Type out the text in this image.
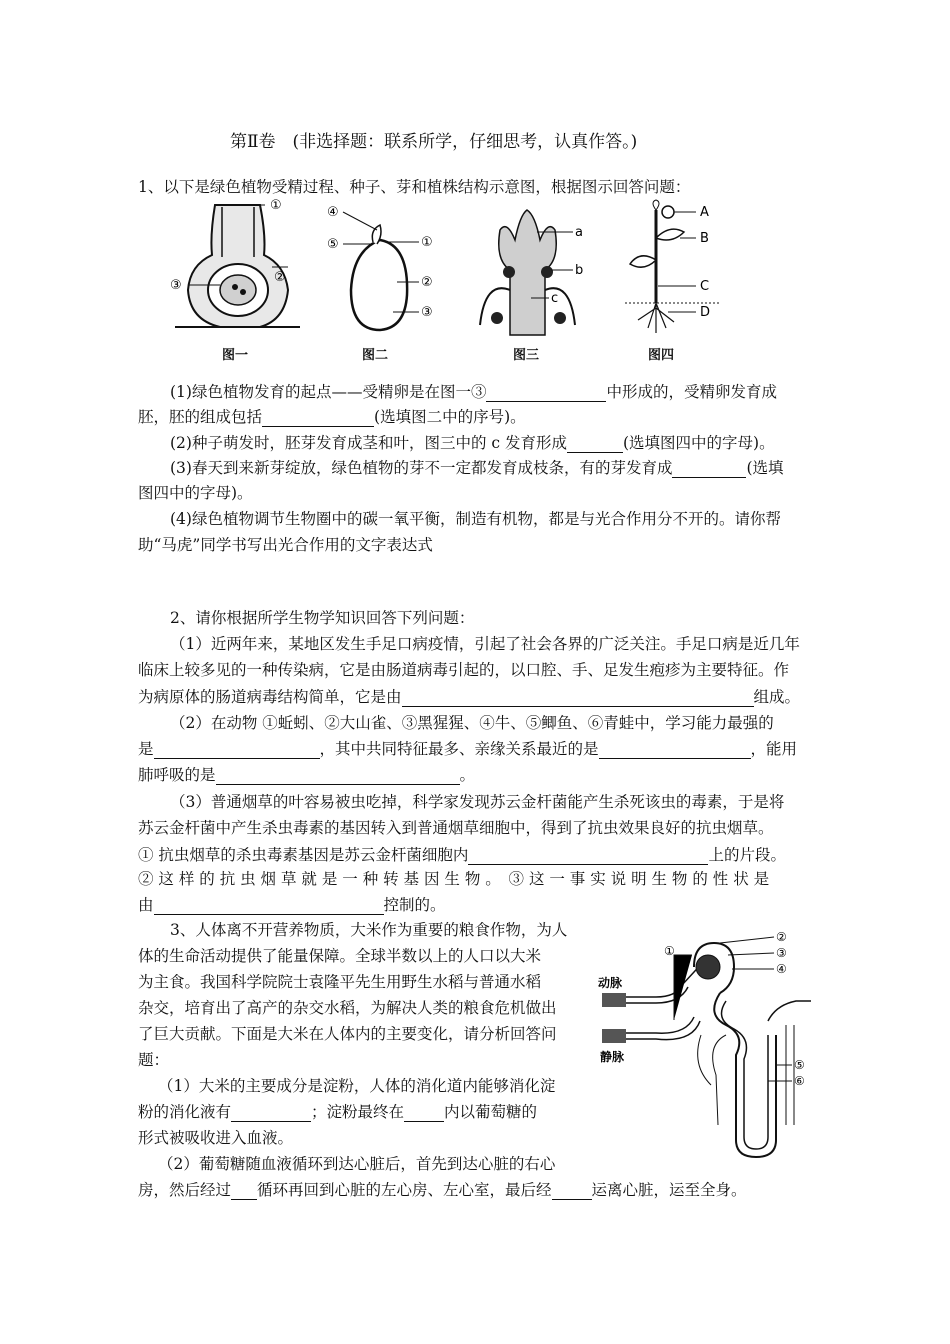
第Ⅱ卷　(非选择题：联系所学，仔细思考，认真作答。)
1、以下是绿色植物受精过程、种子、芽和植株结构示意图，根据图示回答问题：
①
②
③
图一
④
⑤	①
②
③
图二
a
b
c
图三
A
B
C
D
图四
(1)绿色植物发育的起点——受精卵是在图一③	中形成的，受精卵发育成
胚，胚的组成包括	(选填图二中的序号)。
(2)种子萌发时，胚芽发育成茎和叶，图三中的 c 发育形成	(选填图四中的字母)。
(3)春天到来新芽绽放，绿色植物的芽不一定都发育成枝条，有的芽发育成	(选填
图四中的字母)。
(4)绿色植物调节生物圈中的碳一氧平衡，制造有机物，都是与光合作用分不开的。请你帮
助“马虎”同学书写出光合作用的文字表达式
2、请你根据所学生物学知识回答下列问题：
（1）近两年来，某地区发生手足口病疫情，引起了社会各界的广泛关注。手足口病是近几年
临床上较多见的一种传染病，它是由肠道病毒引起的，以口腔、手、足发生疱疹为主要特征。作
为病原体的肠道病毒结构简单，它是由	组成。
（2）在动物 ①蚯蚓、②大山雀、③黑猩猩、④牛、⑤鲫鱼、⑥青蛙中，学习能力最强的
是	，其中共同特征最多、亲缘关系最近的是	，能用
肺呼吸的是	。
（3）普通烟草的叶容易被虫吃掉，科学家发现苏云金杆菌能产生杀死该虫的毒素，于是将
苏云金杆菌中产生杀虫毒素的基因转入到普通烟草细胞中，得到了抗虫效果良好的抗虫烟草。
① 抗虫烟草的杀虫毒素基因是苏云金杆菌细胞内	上的片段。
② 这 样 的 抗 虫 烟 草 就 是 一 种 转 基 因 生 物 。　③ 这 一 事 实 说 明 生 物 的 性 状 是
由	控制的。
3、人体离不开营养物质，大米作为重要的粮食作物，为人
体的生命活动提供了能量保障。全球半数以上的人口以大米
为主食。我国科学院院士袁隆平先生用野生水稻与普通水稻
杂交，培育出了高产的杂交水稻，为解决人类的粮食危机做出
了巨大贡献。下面是大米在人体内的主要变化，请分析回答问
题：
（1）大米的主要成分是淀粉，人体的消化道内能够消化淀
粉的消化液有	；淀粉最终在	内以葡萄糖的
形式被吸收进入血液。
（2）葡萄糖随血液循环到达心脏后，首先到达心脏的右心
房，然后经过 循环再回到心脏的左心房、左心室，最后经	运离心脏，运至全身。
①
②
③
④
⑤
⑥
动脉
静脉
